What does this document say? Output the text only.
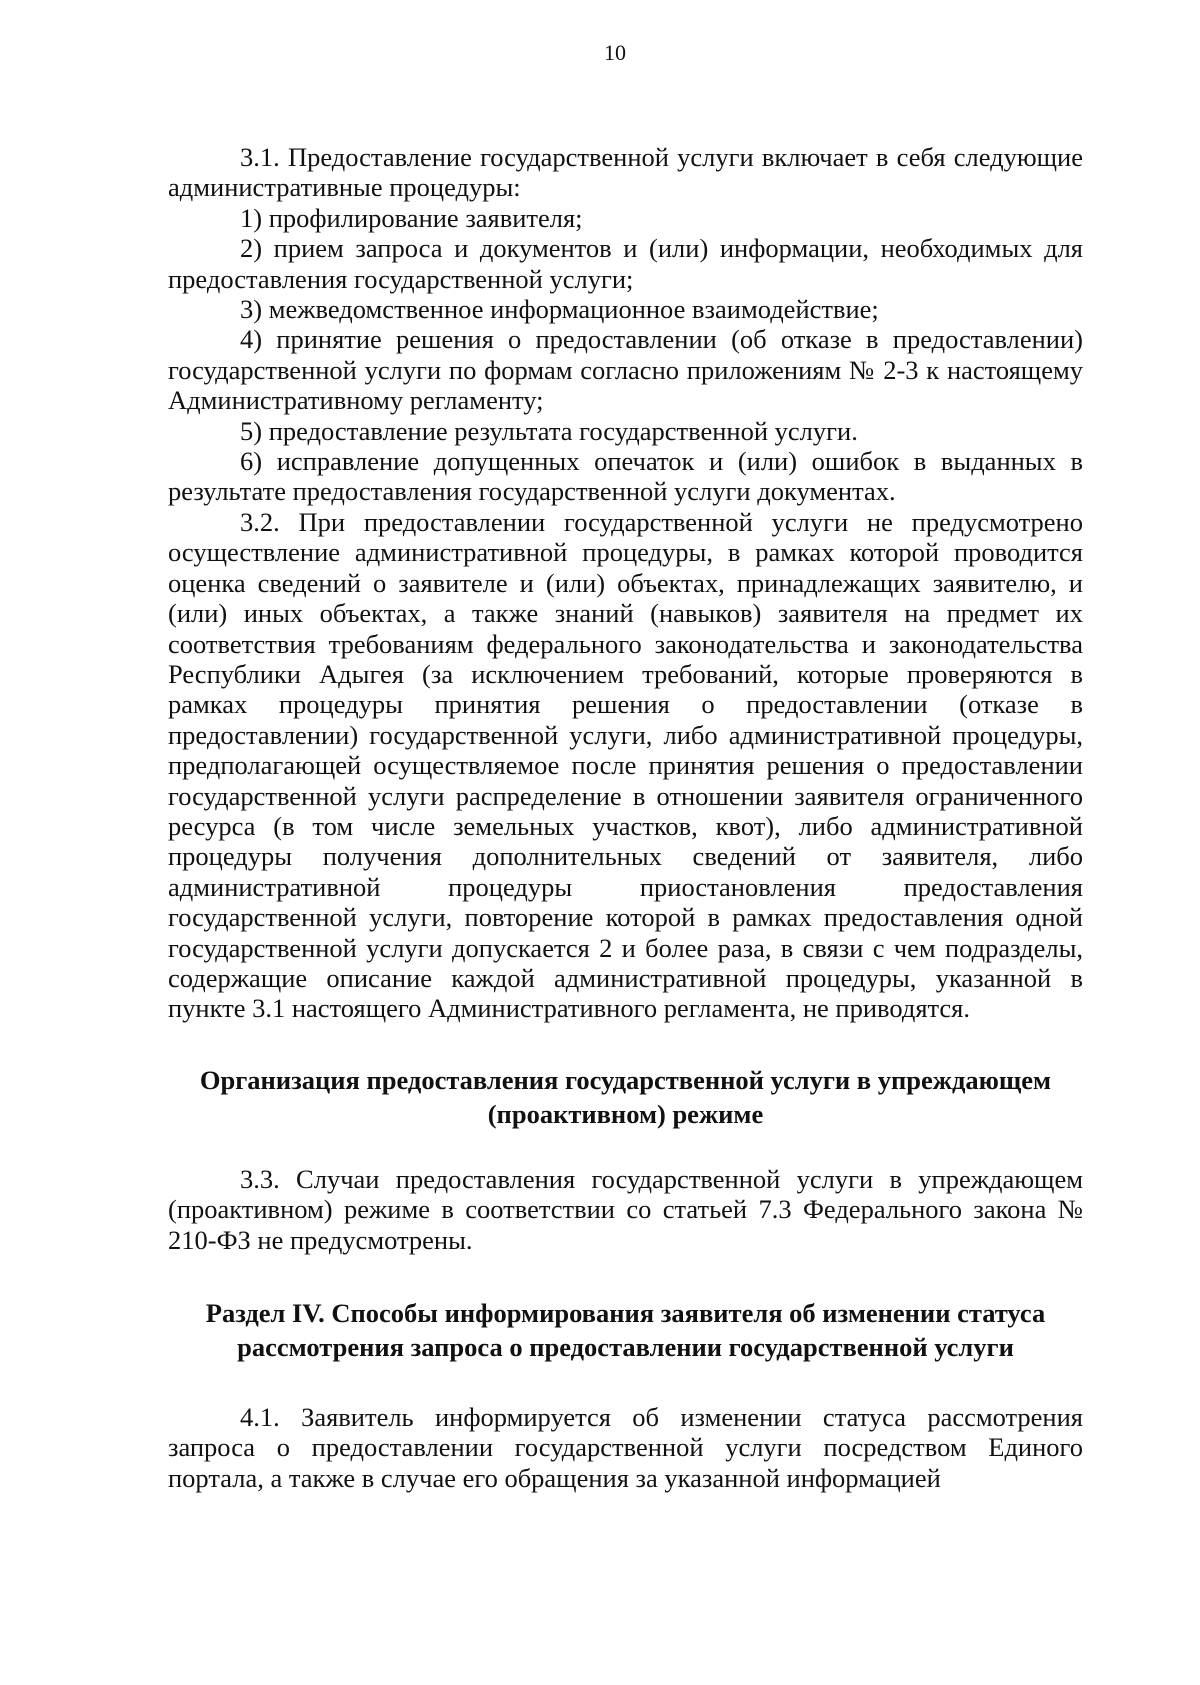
10

3.1. Предоставление государственной услуги включает в себя следующие административные процедуры:

1) профилирование заявителя;

2) прием запроса и документов и (или) информации, необходимых для предоставления государственной услуги;

3) межведомственное информационное взаимодействие;

4) принятие решения о предоставлении (об отказе в предоставлении) государственной услуги по формам согласно приложениям № 2-3 к настоящему Административному регламенту;

5) предоставление результата государственной услуги.

6) исправление допущенных опечаток и (или) ошибок в выданных в результате предоставления государственной услуги документах.

3.2. При предоставлении государственной услуги не предусмотрено осуществление административной процедуры, в рамках которой проводится оценка сведений о заявителе и (или) объектах, принадлежащих заявителю, и (или) иных объектах, а также знаний (навыков) заявителя на предмет их соответствия требованиям федерального законодательства и законодательства Республики Адыгея (за исключением требований, которые проверяются в рамках процедуры принятия решения о предоставлении (отказе в предоставлении) государственной услуги, либо административной процедуры, предполагающей осуществляемое после принятия решения о предоставлении государственной услуги распределение в отношении заявителя ограниченного ресурса (в том числе земельных участков, квот), либо административной процедуры получения дополнительных сведений от заявителя, либо административной процедуры приостановления предоставления государственной услуги, повторение которой в рамках предоставления одной государственной услуги допускается 2 и более раза, в связи с чем подразделы, содержащие описание каждой административной процедуры, указанной в пункте 3.1 настоящего Административного регламента, не приводятся.

Организация предоставления государственной услуги в упреждающем
(проактивном) режиме

3.3. Случаи предоставления государственной услуги в упреждающем (проактивном) режиме в соответствии со статьей 7.3 Федерального закона № 210-ФЗ не предусмотрены.

Раздел IV. Способы информирования заявителя об изменении статуса
рассмотрения запроса о предоставлении государственной услуги

4.1. Заявитель информируется об изменении статуса рассмотрения запроса о предоставлении государственной услуги посредством Единого портала, а также в случае его обращения за указанной информацией
